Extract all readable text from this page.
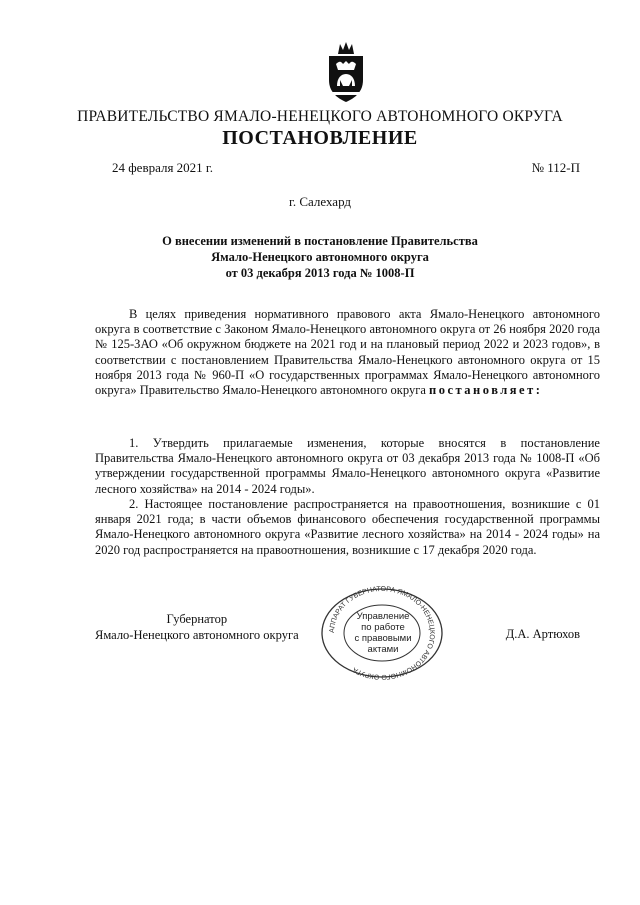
ПРАВИТЕЛЬСТВО ЯМАЛО-НЕНЕЦКОГО АВТОНОМНОГО ОКРУГА
ПОСТАНОВЛЕНИЕ
24 февраля 2021 г.	№ 112-П
г. Салехард
О внесении изменений в постановление Правительства
Ямало-Ненецкого автономного округа
от 03 декабря 2013 года № 1008-П

В целях приведения нормативного правового акта Ямало-Ненецкого автономного округа в соответствие с Законом Ямало-Ненецкого автономного округа от 26 ноября 2020 года № 125-ЗАО «Об окружном бюджете на 2021 год и на плановый период 2022 и 2023 годов», в соответствии с постановлением Правительства Ямало-Ненецкого автономного округа от 15 ноября 2013 года № 960-П «О государственных программах Ямало-Ненецкого автономного округа» Правительство Ямало-Ненецкого автономного округа постановляет:

1. Утвердить прилагаемые изменения, которые вносятся в постановление Правительства Ямало-Ненецкого автономного округа от 03 декабря 2013 года № 1008-П «Об утверждении государственной программы Ямало-Ненецкого автономного округа «Развитие лесного хозяйства» на 2014 - 2024 годы».

2. Настоящее постановление распространяется на правоотношения, возникшие с 01 января 2021 года; в части объемов финансового обеспечения государственной программы Ямало-Ненецкого автономного округа «Развитие лесного хозяйства» на 2014 - 2024 годы» на 2020 год распространяется на правоотношения, возникшие с 17 декабря 2020 года.

Губернатор
Ямало-Ненецкого автономного округа	Д.А. Артюхов
АППАРАТ ГУБЕРНАТОРА ЯМАЛО-НЕНЕЦКОГО АВТОНОМНОГО ОКРУГА
Управление
по работе
с правовыми
актами
